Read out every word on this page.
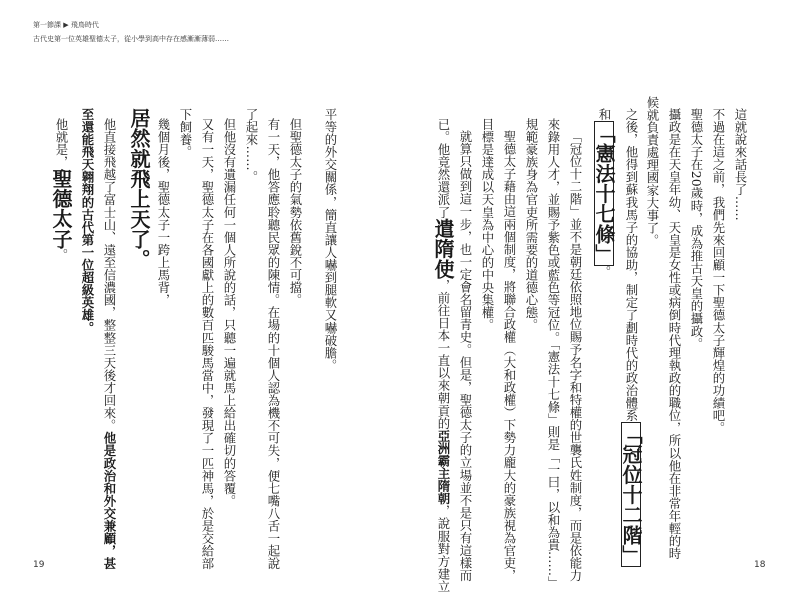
第一節課 ▶ 飛鳥時代
古代史第一位英雄聖德太子，從小學到高中存在感漸漸薄弱……
這就說來話長了……
不過在這之前，我們先來回顧一下聖德太子輝煌的功績吧。
聖德太子在20歲時，成為推古天皇的攝政。
攝政是在天皇年幼、天皇是女性或病倒時代理執政的職位，所以他在非常年輕的時
候就負責處理國家大事了。
之後，他得到蘇我馬子的協助，制定了劃時代的政治體系「冠位十二階」
和「憲法十七條」。
「冠位十二階」並不是朝廷依照地位賜予名字和特權的世襲氏姓制度，而是依能力
來錄用人才，並賜予紫色或藍色等冠位。「憲法十七條」則是「一曰，以和為貴……」
規範豪族身為官吏所需要的道德心態。
聖德太子藉由這兩個制度，將聯合政權（大和政權）下勢力龐大的豪族視為官吏，
目標是達成以天皇為中心的中央集權。
就算只做到這一步，也一定會名留青史。但是，聖德太子的立場並不是只有這樣而
已。他竟然還派了遣隋使，前往日本一直以來朝貢的亞洲霸主隋朝，說服對方建立
平等的外交關係，簡直讓人嚇到腿軟又嚇破膽。
但聖德太子的氣勢依舊銳不可擋。
有一天，他答應聆聽民眾的陳情。在場的十個人認為機不可失，便七嘴八舌一起說
了起來……。
但他沒有遺漏任何一個人所說的話，只聽一遍就馬上給出確切的答覆。
又有一天，聖德太子在各國獻上的數百匹駿馬當中，發現了一匹神馬，於是交給部
下飼養。
幾個月後，聖德太子一跨上馬背，
居然就飛上天了。
他直接飛越了富士山、遠至信濃國，整整三天後才回來。他是政治和外交兼顧，甚
至還能飛天翱翔的古代第一位超級英雄。
他就是，聖德太子。
19	18
